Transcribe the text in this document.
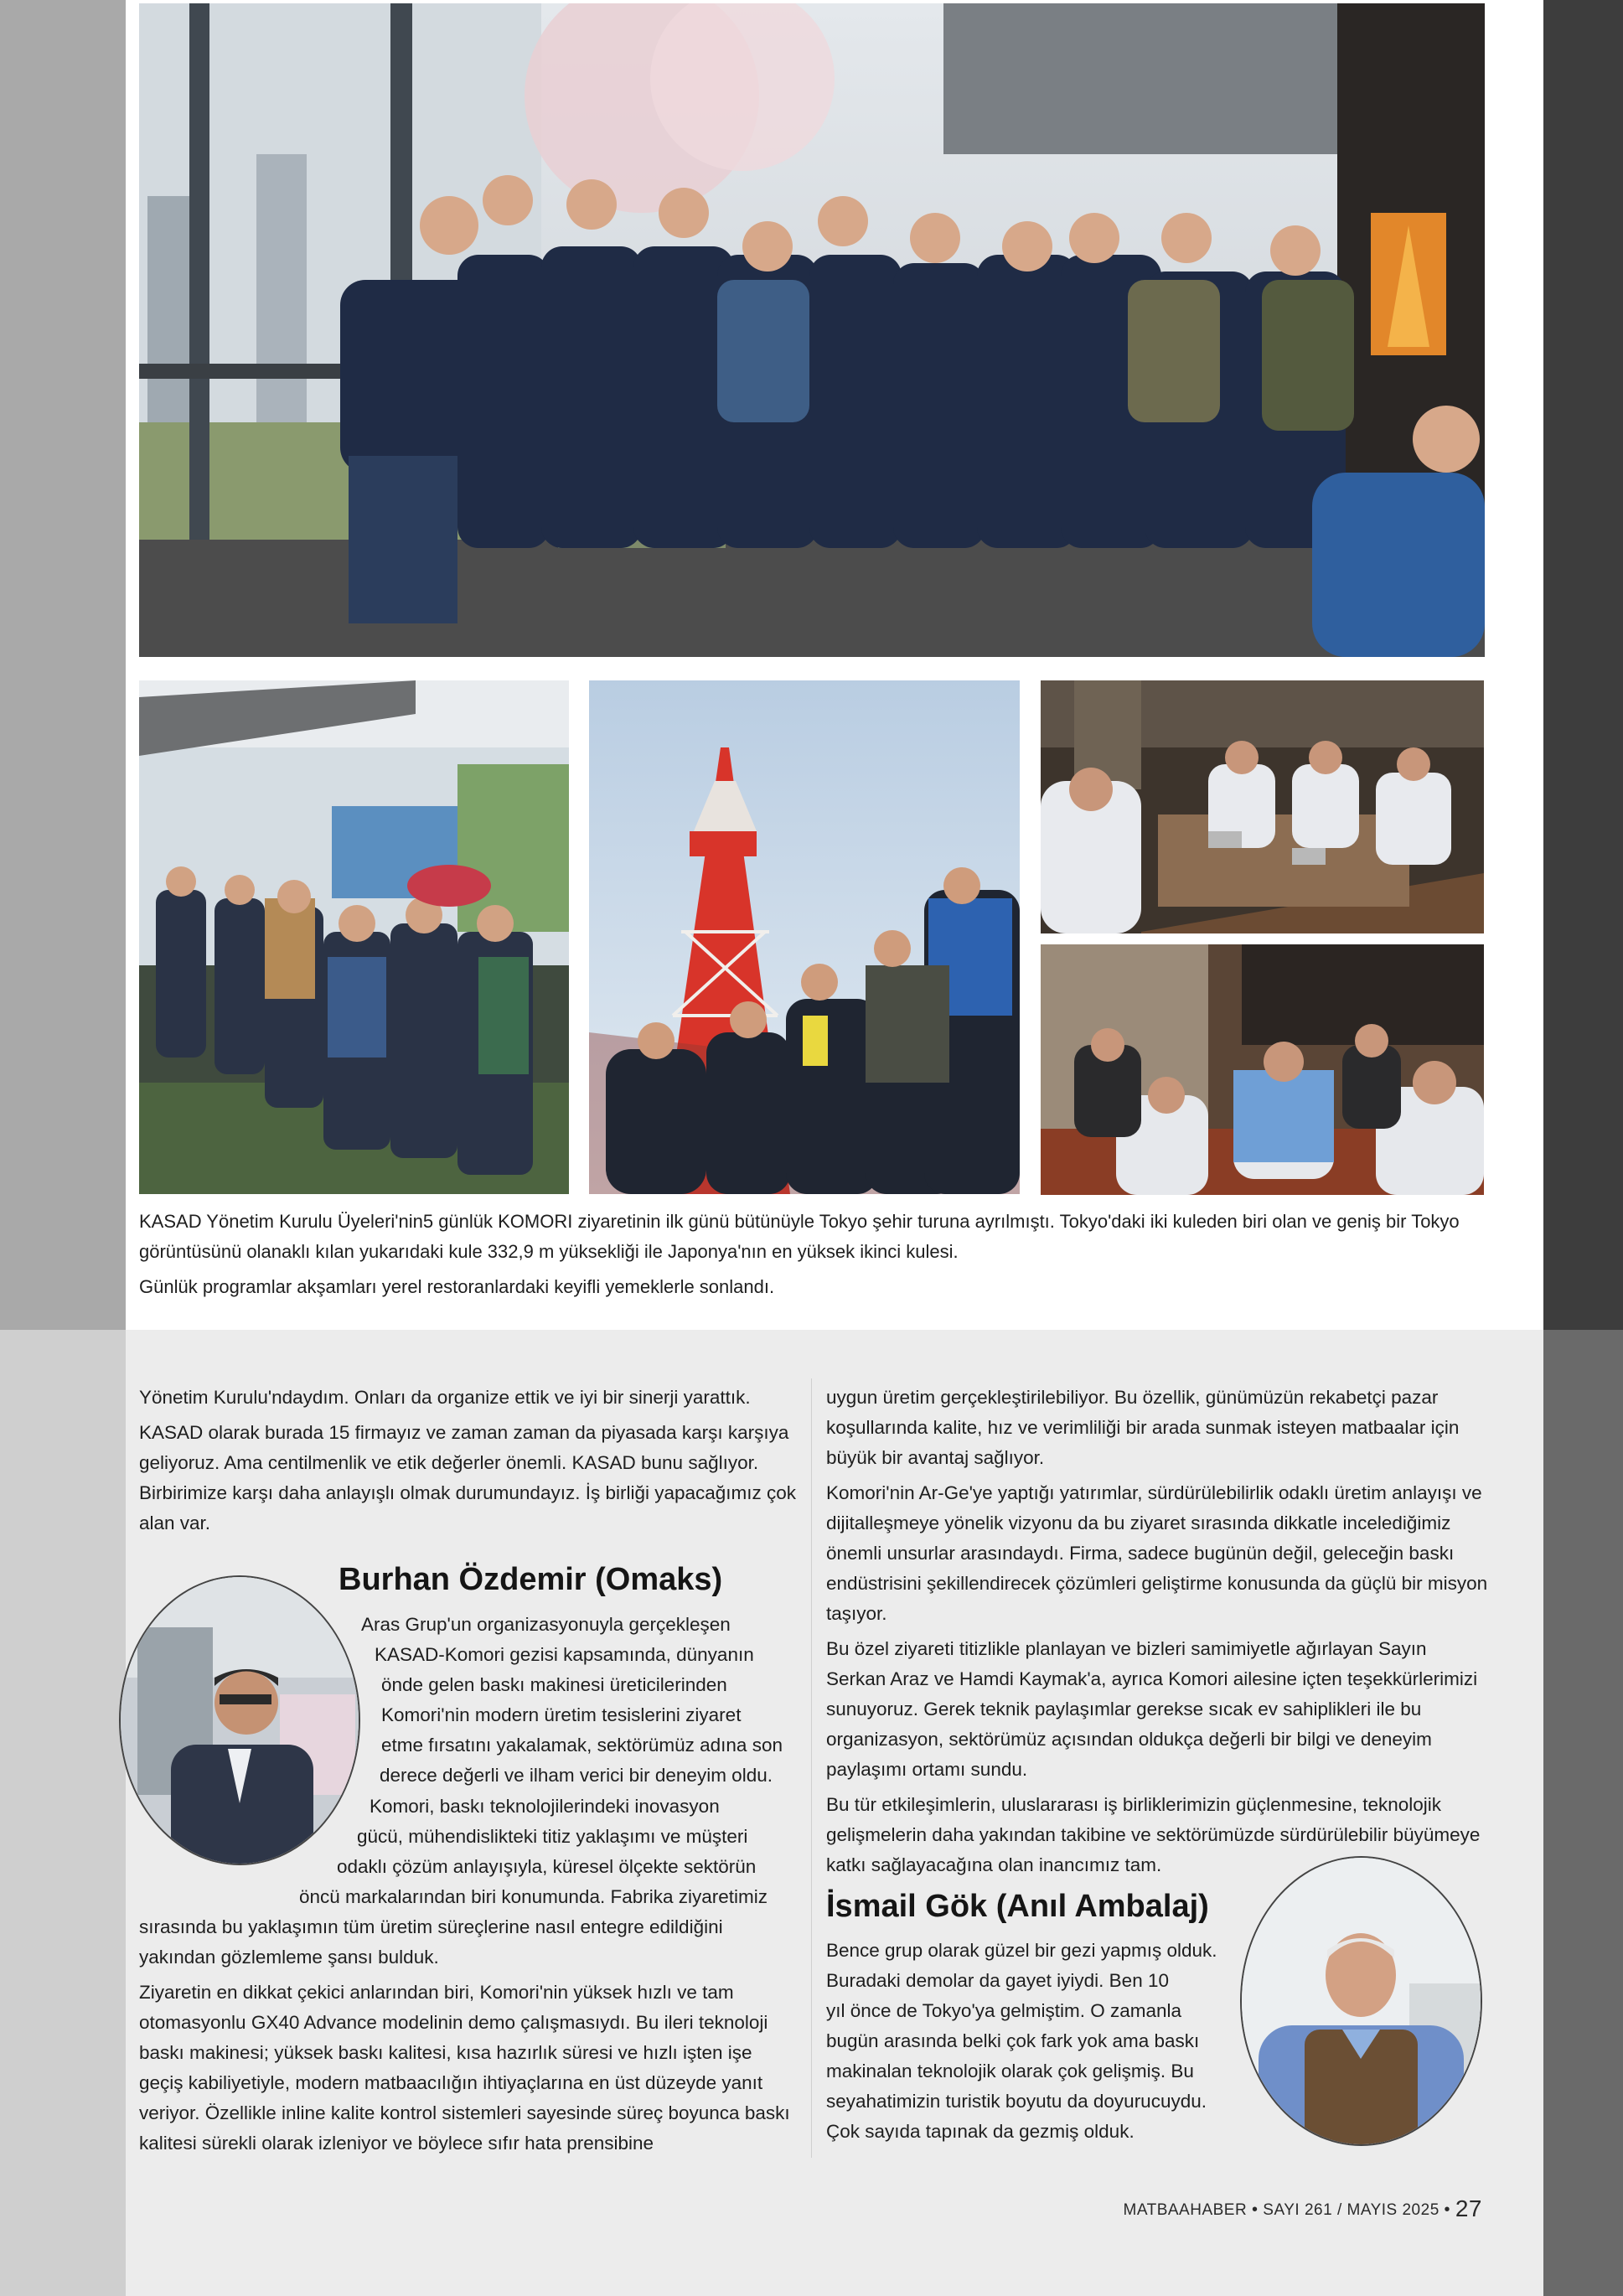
KASAD Yönetim Kurulu Üyeleri'nin5 günlük KOMORI ziyaretinin ilk günü bütünüyle Tokyo şehir turuna ayrılmıştı. Tokyo'daki iki kuleden biri olan ve geniş bir Tokyo görüntüsünü olanaklı kılan yukarıdaki kule 332,9 m yüksekliği ile Japonya'nın en yüksek ikinci kulesi.

Günlük programlar akşamları yerel restoranlardaki keyifli yemeklerle sonlandı.

Yönetim Kurulu'ndaydım. Onları da organize ettik ve iyi bir sinerji yarattık.

KASAD olarak burada 15 firmayız ve zaman zaman da piyasada karşı karşıya geliyoruz. Ama centilmenlik ve etik değerler önemli. KASAD bunu sağlıyor. Birbirimize karşı daha anlayışlı olmak durumundayız. İş birliği yapacağımız çok alan var.

Burhan Özdemir (Omaks)
Aras Grup'un organizasyonuyla gerçekleşen
KASAD-Komori gezisi kapsamında, dünyanın
önde gelen baskı makinesi üreticilerinden
Komori'nin modern üretim tesislerini ziyaret
etme fırsatını yakalamak, sektörümüz adına son
derece değerli ve ilham verici bir deneyim oldu.
Komori, baskı teknolojilerindeki inovasyon
gücü, mühendislikteki titiz yaklaşımı ve müşteri
odaklı çözüm anlayışıyla, küresel ölçekte sektörün
öncü markalarından biri konumunda. Fabrika ziyaretimiz

sırasında bu yaklaşımın tüm üretim süreçlerine nasıl entegre edildiğini yakından gözlemleme şansı bulduk.

Ziyaretin en dikkat çekici anlarından biri, Komori'nin yüksek hızlı ve tam otomasyonlu GX40 Advance modelinin demo çalışmasıydı. Bu ileri teknoloji baskı makinesi; yüksek baskı kalitesi, kısa hazırlık süresi ve hızlı işten işe geçiş kabiliyetiyle, modern matbaacılığın ihtiyaçlarına en üst düzeyde yanıt veriyor. Özellikle inline kalite kontrol sistemleri sayesinde süreç boyunca baskı kalitesi sürekli olarak izleniyor ve böylece sıfır hata prensibine

uygun üretim gerçekleştirilebiliyor. Bu özellik, günümüzün rekabetçi pazar koşullarında kalite, hız ve verimliliği bir arada sunmak isteyen matbaalar için büyük bir avantaj sağlıyor.

Komori'nin Ar-Ge'ye yaptığı yatırımlar, sürdürülebilirlik odaklı üretim anlayışı ve dijitalleşmeye yönelik vizyonu da bu ziyaret sırasında dikkatle incelediğimiz önemli unsurlar arasındaydı. Firma, sadece bugünün değil, geleceğin baskı endüstrisini şekillendirecek çözümleri geliştirme konusunda da güçlü bir misyon taşıyor.

Bu özel ziyareti titizlikle planlayan ve bizleri samimiyetle ağırlayan Sayın Serkan Araz ve Hamdi Kaymak'a, ayrıca Komori ailesine içten teşekkürlerimizi sunuyoruz. Gerek teknik paylaşımlar gerekse sıcak ev sahiplikleri ile bu organizasyon, sektörümüz açısından oldukça değerli bir bilgi ve deneyim paylaşımı ortamı sundu.

Bu tür etkileşimlerin, uluslararası iş birliklerimizin güçlenmesine, teknolojik gelişmelerin daha yakından takibine ve sektörümüzde sürdürülebilir büyümeye katkı sağlayacağına olan inancımız tam.

İsmail Gök (Anıl Ambalaj)
Bence grup olarak güzel bir gezi yapmış olduk.
Buradaki demolar da gayet iyiydi. Ben 10
yıl önce de Tokyo'ya gelmiştim. O zamanla
bugün arasında belki çok fark yok ama baskı
makinalan teknolojik olarak çok gelişmiş. Bu
seyahatimizin turistik boyutu da doyurucuydu.
Çok sayıda tapınak da gezmiş olduk.
MATBAAHABER • SAYI 261 / MAYIS 2025 • 27
